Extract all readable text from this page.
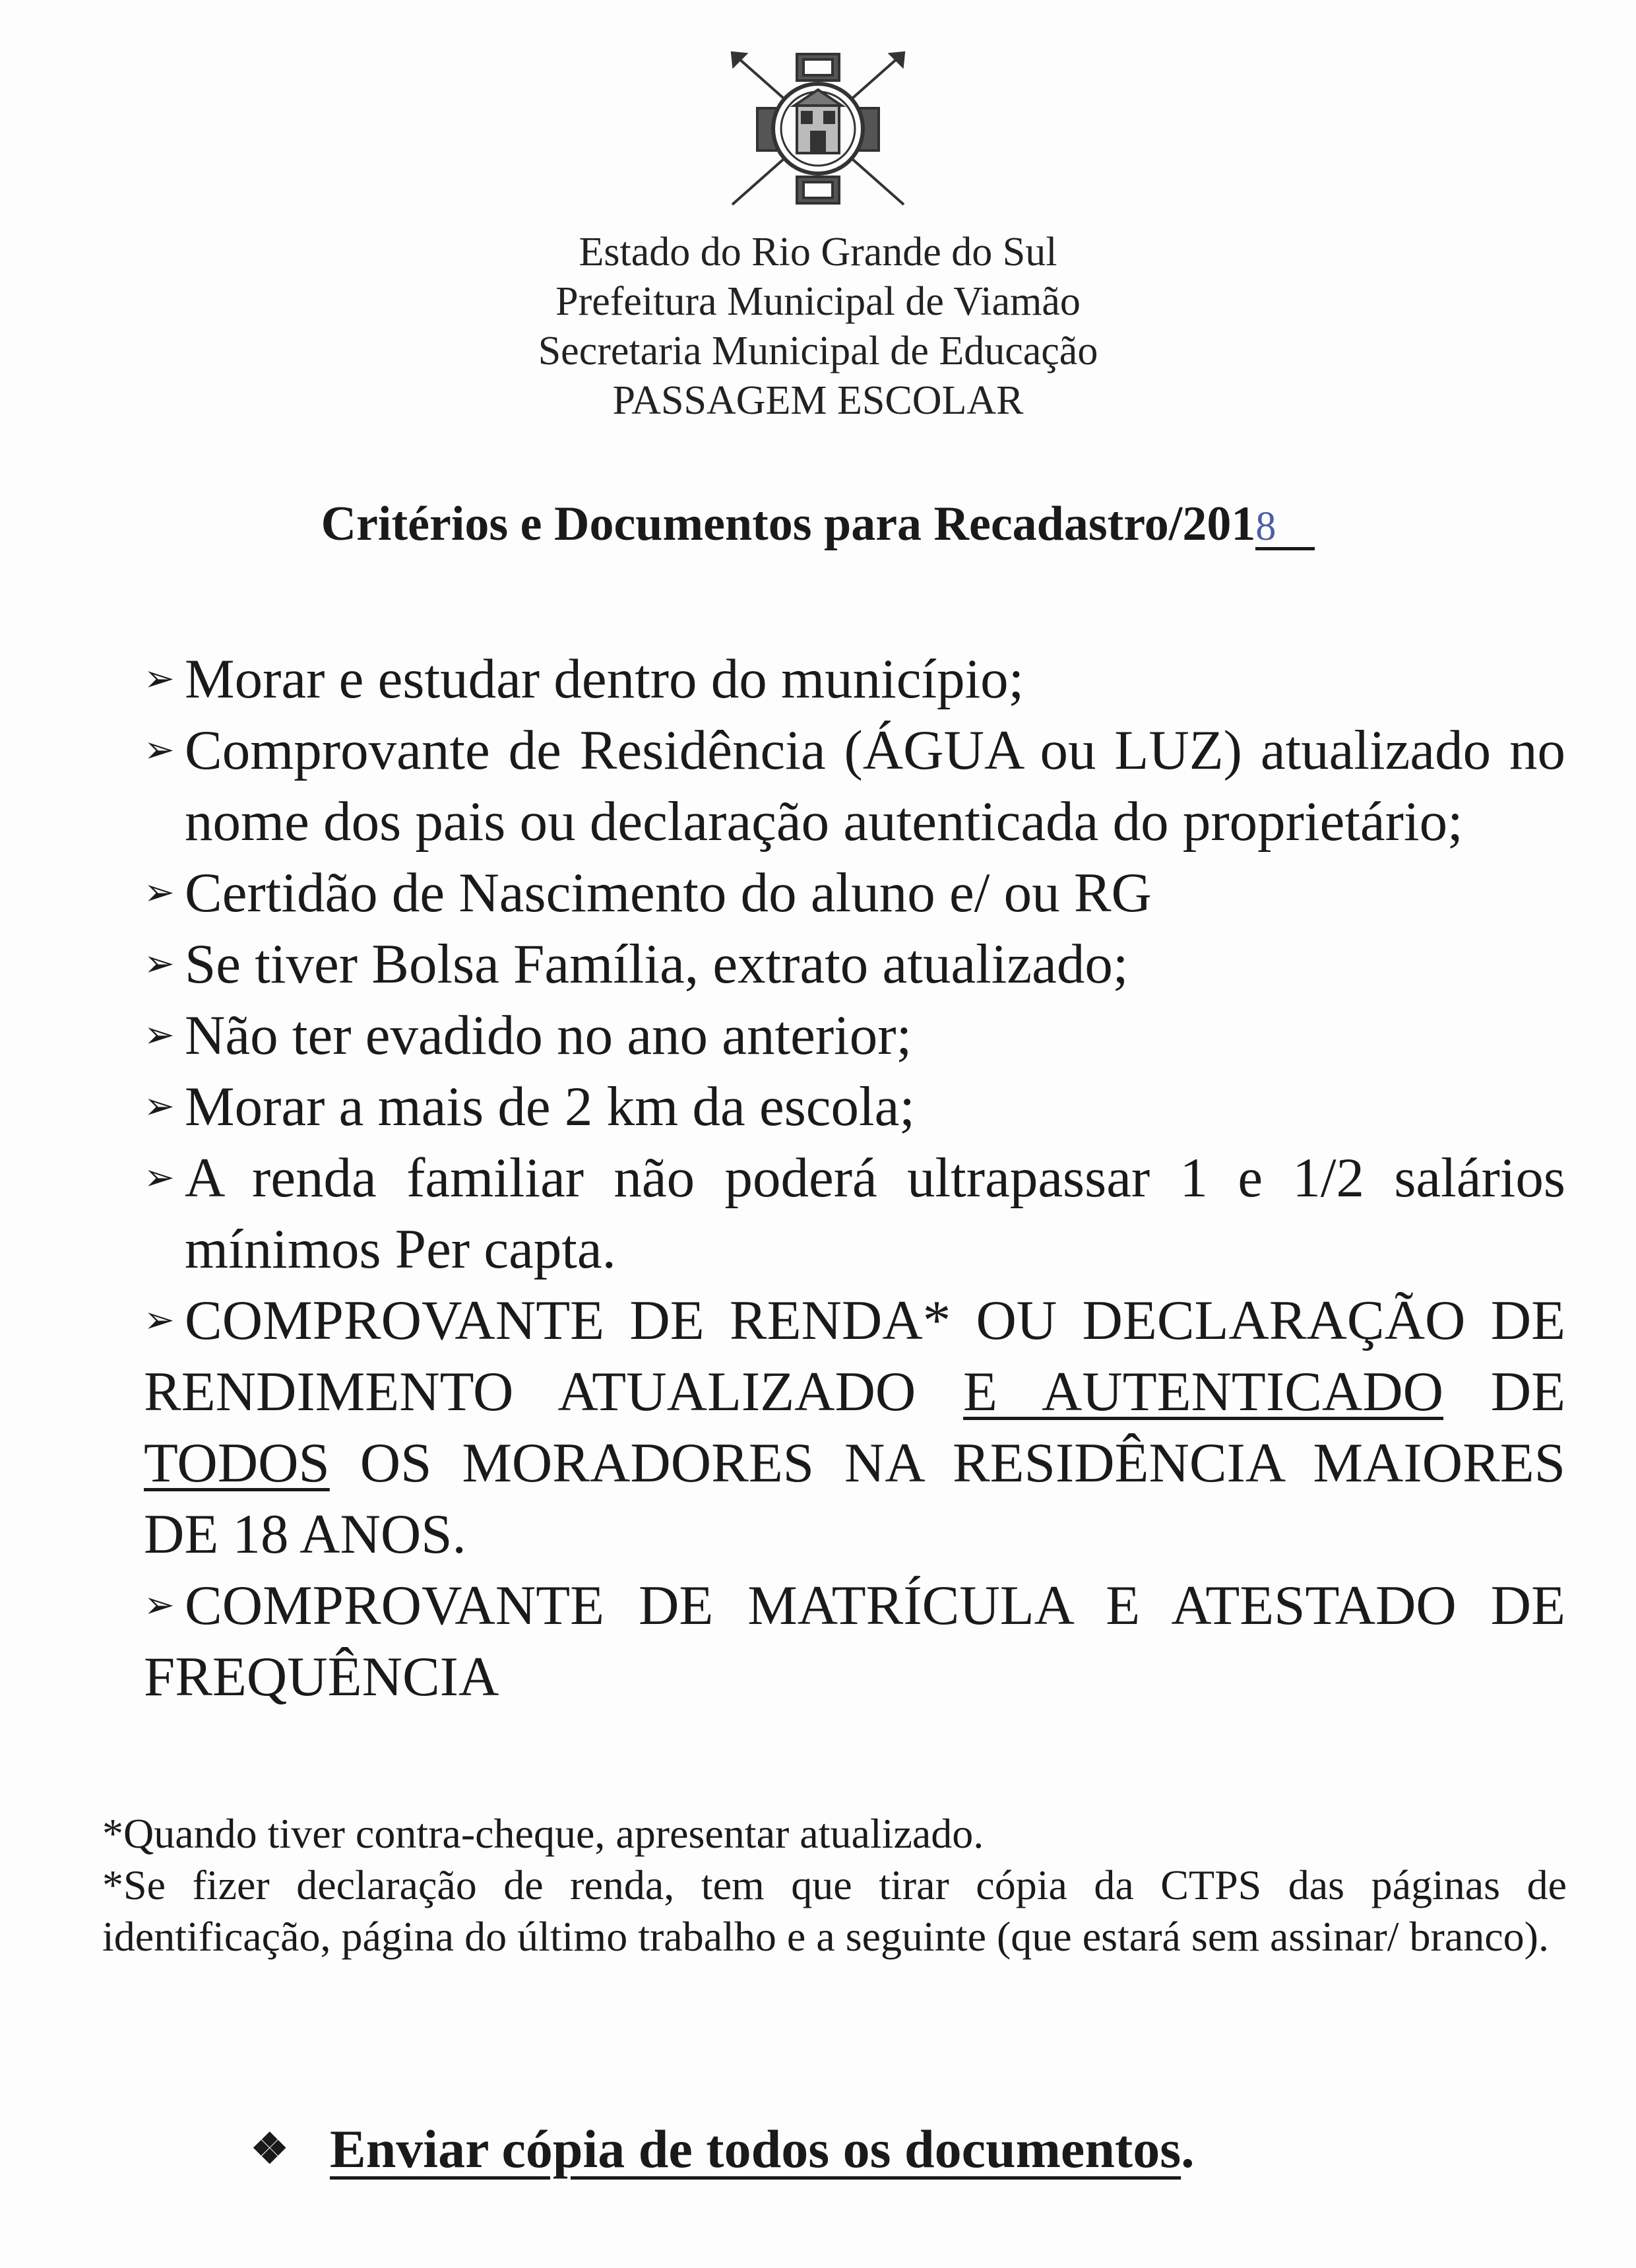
Estado do Rio Grande do Sul
Prefeitura Municipal de Viamão
Secretaria Municipal de Educação
PASSAGEM ESCOLAR
Critérios e Documentos para Recadastro/2018
➢ Morar e estudar dentro do município;
➢ Comprovante de Residência (ÁGUA ou LUZ) atualizado no nome dos pais ou declaração autenticada do proprietário;
➢ Certidão de Nascimento do aluno e/ ou RG
➢ Se tiver Bolsa Família, extrato atualizado;
➢ Não ter evadido no ano anterior;
➢ Morar a mais de 2 km da escola;
➢ A renda familiar não poderá ultrapassar 1 e 1/2 salários mínimos Per capta.
➢ COMPROVANTE DE RENDA* OU DECLARAÇÃO DE RENDIMENTO ATUALIZADO E AUTENTICADO DE TODOS OS MORADORES NA RESIDÊNCIA MAIORES DE 18 ANOS.
➢ COMPROVANTE DE MATRÍCULA E ATESTADO DE FREQUÊNCIA

*Quando tiver contra-cheque, apresentar atualizado.

*Se fizer declaração de renda, tem que tirar cópia da CTPS das páginas de identificação, página do último trabalho e a seguinte (que estará sem assinar/ branco).

❖ Enviar cópia de todos os documentos.
